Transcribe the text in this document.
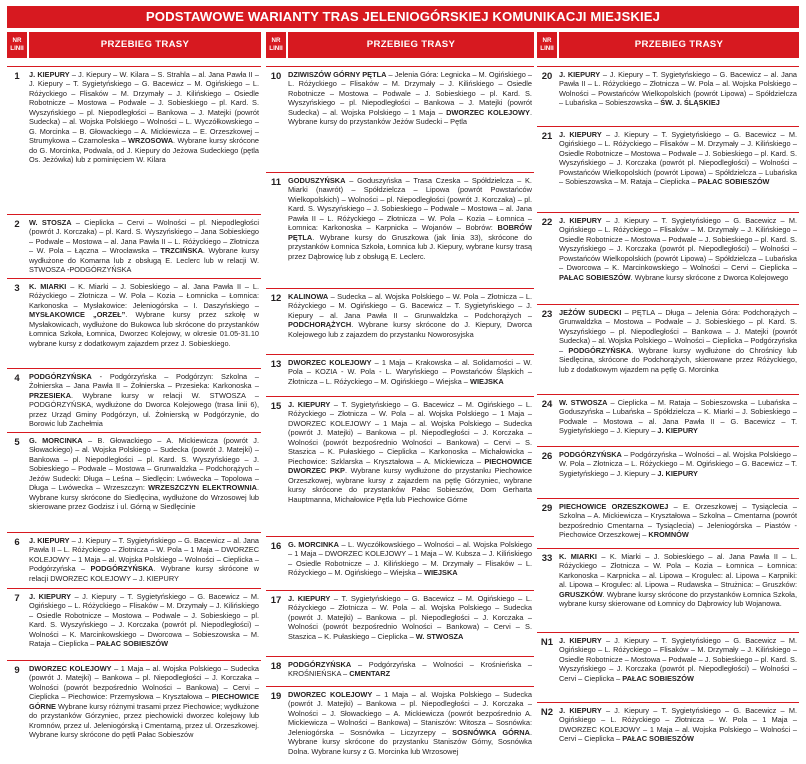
PODSTAWOWE WARIANTY TRAS JELENIOGÓRSKIEJ KOMUNIKACJI MIEJSKIEJ
NR
LINII	PRZEBIEG TRASY
1	J. KIEPURY – J. Kiepury – W. Kilara – S. Strahla – al. Jana Pawła II – J. Kiepury – T. Sygietyńskiego – G. Bacewicz – M. Ogińskiego – L. Różyckiego – Flisaków – M. Drzymały – J. Kilińskiego – Osiedle Robotnicze – Mostowa – Podwale – J. Sobieskiego – pl. Kard. S. Wyszyńskiego – pl. Niepodległości – Bankowa – J. Matejki (powrót Sudecka) – al. Wojska Polskiego – Wolności – L. Wyczółkowskiego – G. Morcinka – B. Głowackiego – A. Mickiewicza – E. Orzeszkowej – Strumykowa – Czarnoleska – WRZOSOWA. Wybrane kursy skrócone do G. Morcinka, Podwala, od J. Kiepury do Jeżowa Sudeckiego (pętla Os. Jeżówka) lub z pominięciem W. Kilara
2	W. STOSZA – Cieplicka – Cervi – Wolności – pl. Niepodległości (powrót J. Korczaka) – pl. Kard. S. Wyszyńskiego – Jana Sobieskiego – Podwale – Mostowa – al. Jana Pawła II – L. Różyckiego – Złotnicza – W. Pola – Łączna – Wrocławska – TRZCIŃSKA. Wybrane kursy wydłużone do Komarna lub z obsługą E. Leclerc lub w relacji W. STWOSZA -PODGÓRZYŃSKA
3	K. MIARKI – K. Miarki – J. Sobieskiego – al. Jana Pawła II – L. Różyckiego – Złotnicza – W. Pola – Kozia – Łomnicka – Łomnica: Karkonoska – Mysłakowice: Jeleniogórska – I. Daszyńskiego – MYSŁAKOWICE „ORZEŁ”. Wybrane kursy przez szkołę w Mysłakowicach, wydłużone do Bukowca lub skrócone do przystanków Łomnica Szkoła, Łomnica, Dworzec Kolejowy, w okresie 01.05-31.10 wybrane kursy z dodatkowym zajazdem przez J. Sobieskiego.
4	PODGÓRZYŃSKA - Podgórzyńska – Podgórzyn: Szkolna – Żołnierska – Jana Pawła II – Żołnierska – Przesieka: Karkonoska – PRZESIEKA. Wybrane kursy w relacji W. STWOSZA – PODGÓRZYŃSKA, wydłużone do Dworca Kolejowego (trasa linii 6), przez Urząd Gminy Podgórzyn, ul. Żołnierską w Podgórzynie, do Borowic lub Zachełmia
5	G. MORCINKA – B. Głowackiego – A. Mickiewicza (powrót J. Słowackiego) – al. Wojska Polskiego – Sudecka (powrót J. Matejki) – Bankowa – pl. Niepodległości – pl. Kard. S. Wyszyńskiego – J. Sobieskiego – Podwale – Mostowa – Grunwaldzka – Podchorążych – Jeżów Sudecki: Długa – Leśna – Siedlęcin: Lwówecka – Topolowa – Długa – Lwówecka – Wrzeszczyn: WRZESZCZYN ELEKTROWNIA. Wybrane kursy skrócone do Siedlęcina, wydłużone do Wrzosowej lub skierowane przez Godzisz i ul. Górną w Siedlęcinie
6	J. KIEPURY – J. Kiepury – T. Sygietyńskiego – G. Bacewicz – al. Jana Pawła II – L. Różyckiego – Złotnicza – W. Pola – 1 Maja – DWORZEC KOLEJOWY – 1 Maja – al. Wojska Polskiego – Wolności – Cieplicka – Podgórzyńska – PODGÓRZYŃSKA. Wybrane kursy skrócone w relacji DWORZEC KOLEJOWY – J. KIEPURY
7	J. KIEPURY – J. Kiepury – T. Sygietyńskiego – G. Bacewicz – M. Ogińskiego – L. Różyckiego – Flisaków – M. Drzymały – J. Kilińskiego – Osiedle Robotnicze – Mostowa – Podwale – J. Sobieskiego – pl. Kard. S. Wyszyńskiego – J. Korczaka (powrót pl. Niepodległości) – Wolności – K. Marcinkowskiego – Dworcowa – Sobieszowska – M. Rataja – Cieplicka – PAŁAC SOBIESZÓW
9	DWORZEC KOLEJOWY – 1 Maja – al. Wojska Polskiego – Sudecka (powrót J. Matejki) – Bankowa – pl. Niepodległości – J. Korczaka – Wolności (powrót bezpośrednio Wolności – Bankowa) – Cervi – Cieplicka – Piechowice: Przemysłowa – Kryształowa – PIECHOWICE GÓRNE Wybrane kursy różnymi trasami przez Piechowice; wydłużone do przystanków Górzyniec, przez piechowicki dworzec kolejowy lub Kromnów, przez ul. Jeleniogórską i Cmentarną, przez ul. Orzeszkowej. Wybrane kursy skrócone do pętli Pałac Sobieszów
NR
LINII	PRZEBIEG TRASY
10 DZIWISZÓW GÓRNY PĘTLA – Jelenia Góra: Legnicka – M. Ogińskiego – L. Różyckiego – Flisaków – M. Drzymały – J. Kilińskiego – Osiedle Robotnicze – Mostowa – Podwale – J. Sobieskiego – pl. Kard. S. Wyszyńskiego – pl. Niepodległości – Bankowa – J. Matejki (powrót Sudecka) – al. Wojska Polskiego – 1 Maja – DWORZEC KOLEJOWY. Wybrane kursy do przystanków Jeżów Sudecki – Pętla
11 GODUSZYŃSKA – Goduszyńska – Trasa Czeska – Spółdzielcza – K. Miarki (nawrót) – Spółdzielcza – Lipowa (powrót Powstańców Wielkopolskich) – Wolności – pl. Niepodległości (powrót J. Korczaka) – pl. Kard. S. Wyszyńskiego – J. Sobieskiego – Podwale – Mostowa – al. Jana Pawła II – L. Różyckiego – Złotnicza – W. Pola – Kozia – Łomnica – Łomnica: Karkonoska – Karpnicka – Wojanów – Bobrów: BOBRÓW PĘTLA. Wybrane kursy do Gruszkowa (jak linia 33), skrócone do przystanków Łomnica Szkoła, Łomnica lub J. Kiepury, wybrane kursy trasą przez Dąbrowicę lub z obsługą E. Leclerc.
12 KALINOWA – Sudecka – al. Wojska Polskiego – W. Pola – Złotnicza – L. Różyckiego – M. Ogińskiego – G. Bacewicz – T. Sygietyńskiego – J. Kiepury – al. Jana Pawła II – Grunwaldzka – Podchorążych – PODCHORĄŻYCH. Wybrane kursy skrócone do J. Kiepury, Dworca Kolejowego lub z zajazdem do przystanku Noworosyjska
13 DWORZEC KOLEJOWY – 1 Maja – Krakowska – al. Solidarności – W. Pola – KOZIA - W. Pola - L. Waryńskiego – Powstańców Śląskich – Złotnicza – L. Różyckiego – M. Ogińskiego – Wiejska – WIEJSKA
15 J. KIEPURY – T. Sygietyńskiego – G. Bacewicz – M. Ogińskiego – L. Różyckiego – Złotnicza – W. Pola – al. Wojska Polskiego – 1 Maja – DWORZEC KOLEJOWY – 1 Maja – al. Wojska Polskiego – Sudecka (powrót J. Matejki) – Bankowa – pl. Niepodległości – J. Korczaka – Wolności (powrót bezpośrednio Wolności – Bankowa) – Cervi – S. Staszica – K. Pułaskiego – Cieplicka – Karkonoska – Michałowicka – Piechowice: Szklarska – Kryształowa – A. Mickiewicza – PIECHOWICE DWORZEC PKP. Wybrane kursy wydłużone do przystanku Piechowice Orzeszkowej, wybrane kursy z zajazdem na pętlę Górzyniec, wybrane kursy skrócone do przystanków Pałac Sobieszów, Dom Gerharta Hauptmanna, Michałowice Pętla lub Piechowice Górne
16 G. MORCINKA – L. Wyczółkowskiego – Wolności – al. Wojska Polskiego – 1 Maja – DWORZEC KOLEJOWY – 1 Maja – W. Kubsza – J. Kilińskiego – Osiedle Robotnicze – J. Kilińskiego – M. Drzymały – Flisaków – L. Różyckiego – M. Ogińskiego – Wiejska – WIEJSKA
17 J. KIEPURY – T. Sygietyńskiego – G. Bacewicz – M. Ogińskiego – L. Różyckiego – Złotnicza – W. Pola – al. Wojska Polskiego – Sudecka (powrót J. Matejki) – Bankowa – pl. Niepodległości – J. Korczaka – Wolności (powrót bezpośrednio Wolności – Bankowa) – Cervi – S. Staszica – K. Pułaskiego – Cieplicka – W. STWOSZA
18 PODGÓRZYŃSKA – Podgórzyńska – Wolności – Krośnieńska – KROŚNIEŃSKA – CMENTARZ
19 DWORZEC KOLEJOWY – 1 Maja – al. Wojska Polskiego – Sudecka (powrót J. Matejki) – Bankowa – pl. Niepodległości – J. Korczaka – Wolności – J. Słowackiego – A. Mickiewicza (powrót bezpośrednio A. Mickiewicza – Wolności – Bankowa) – Staniszów: Witosza – Sosnówka: Jeleniogórska – Sosnówka – Liczyrzepy – SOSNÓWKA GÓRNA. Wybrane kursy skrócone do przystanku Staniszów Górny, Sosnówka Dolna. Wybrane kursy z G. Morcinka lub Wrzosowej
NR
LINII	PRZEBIEG TRASY
20 J. KIEPURY – J. Kiepury – T. Sygietyńskiego – G. Bacewicz – al. Jana Pawła II – L. Różyckiego – Złotnicza – W. Pola – al. Wojska Polskiego – Wolności – Powstańców Wielkopolskich (powrót Lipowa) – Spółdzielcza – Lubańska – Sobieszowska – ŚW. J. ŚLĄSKIEJ
21 J. KIEPURY – J. Kiepury – T. Sygietyńskiego – G. Bacewicz – M. Ogińskiego – L. Różyckiego – Flisaków – M. Drzymały – J. Kilińskiego – Osiedle Robotnicze – Mostowa – Podwale – J. Sobieskiego – pl. Kard. S. Wyszyńskiego – J. Korczaka (powrót pl. Niepodległości) – Wolności – Powstańców Wielkopolskich (powrót Lipowa) – Spółdzielcza – Lubańska – Sobieszowska – M. Rataja – Cieplicka – PAŁAC SOBIESZÓW
22 J. KIEPURY – J. Kiepury – T. Sygietyńskiego – G. Bacewicz – M. Ogińskiego – L. Różyckiego – Flisaków – M. Drzymały – J. Kilińskiego – Osiedle Robotnicze – Mostowa – Podwale – J. Sobieskiego – pl. Kard. S. Wyszyńskiego – J. Korczaka (powrót pl. Niepodległości) – Wolności – Powstańców Wielkopolskich (powrót Lipowa) – Spółdzielcza – Lubańska – Dworcowa – K. Marcinkowskiego – Wolności – Cervi – Cieplicka – PAŁAC SOBIESZÓW. Wybrane kursy skrócone z Dworca Kolejowego
23 JEŻÓW SUDECKI – PĘTLA – Długa – Jelenia Góra: Podchorążych – Grunwaldzka – Mostowa – Podwale – J. Sobieskiego – pl. Kard. S. Wyszyńskiego – pl. Niepodległości – Bankowa – J. Matejki (powrót Sudecka) – al. Wojska Polskiego – Wolności – Cieplicka – Podgórzyńska – PODGÓRZYŃSKA. Wybrane kursy wydłużone do Chrośnicy lub Siedlęcina, skrócone do Podchorążych, skierowane przez Różyckiego, lub z dodatkowym wjazdem na pętlę G. Morcinka
24 W. STWOSZA – Cieplicka – M. Rataja – Sobieszowska – Lubańska – Goduszyńska – Lubańska – Spółdzielcza – K. Miarki – J. Sobieskiego – Podwale – Mostowa – al. Jana Pawła II – G. Bacewicz – T. Sygietyńskiego – J. Kiepury – J. KIEPURY
26 PODGÓRZYŃSKA – Podgórzyńska – Wolności – al. Wojska Polskiego – W. Pola – Złotnicza – L. Różyckiego – M. Ogińskiego – G. Bacewicz – T. Sygietyńskiego – J. Kiepury – J. KIEPURY
29 PIECHOWICE ORZESZKOWEJ – E. Orzeszkowej – Tysiąclecia – Szkolna – A. Mickiewicza – Kryształowa – Szkolna – Cmentarna (powrót bezpośrednio Cmentarna – Tysiąclecia) – Jeleniogórska – Piastów - Piechowice Orzeszkowej – KROMNÓW
33 K. MIARKI – K. Miarki – J. Sobieskiego – al. Jana Pawła II – L. Różyckiego – Złotnicza – W. Pola – Kozia – Łomnica – Łomnica: Karkonoska – Karpnicka – al. Lipowa – Krogulec: al. Lipowa – Karpniki: al. Lipowa – Krogulec: al. Lipowa – Rudawska – Strużnica: – Gruszków: GRUSZKÓW. Wybrane kursy skrócone do przystanków Łomnica Szkoła, wybrane kursy skierowane od Łomnicy do Dąbrowicy lub Wojanowa.
N1 J. KIEPURY – J. Kiepury – T. Sygietyńskiego – G. Bacewicz – M. Ogińskiego – L. Różyckiego – Flisaków – M. Drzymały – J. Kilińskiego – Osiedle Robotnicze – Mostowa – Podwale – J. Sobieskiego – pl. Kard. S. Wyszyńskiego – J. Korczaka (powrót pl. Niepodległości) – Wolności – Cervi – Cieplicka – PAŁAC SOBIESZÓW
N2 J. KIEPURY – J. Kiepury – T. Sygietyńskiego – G. Bacewicz – M. Ogińskiego – L. Różyckiego – Złotnicza – W. Pola – 1 Maja – DWORZEC KOLEJOWY – 1 Maja – al. Wojska Polskiego – Wolności – Cervi – Cieplicka – PAŁAC SOBIESZÓW
